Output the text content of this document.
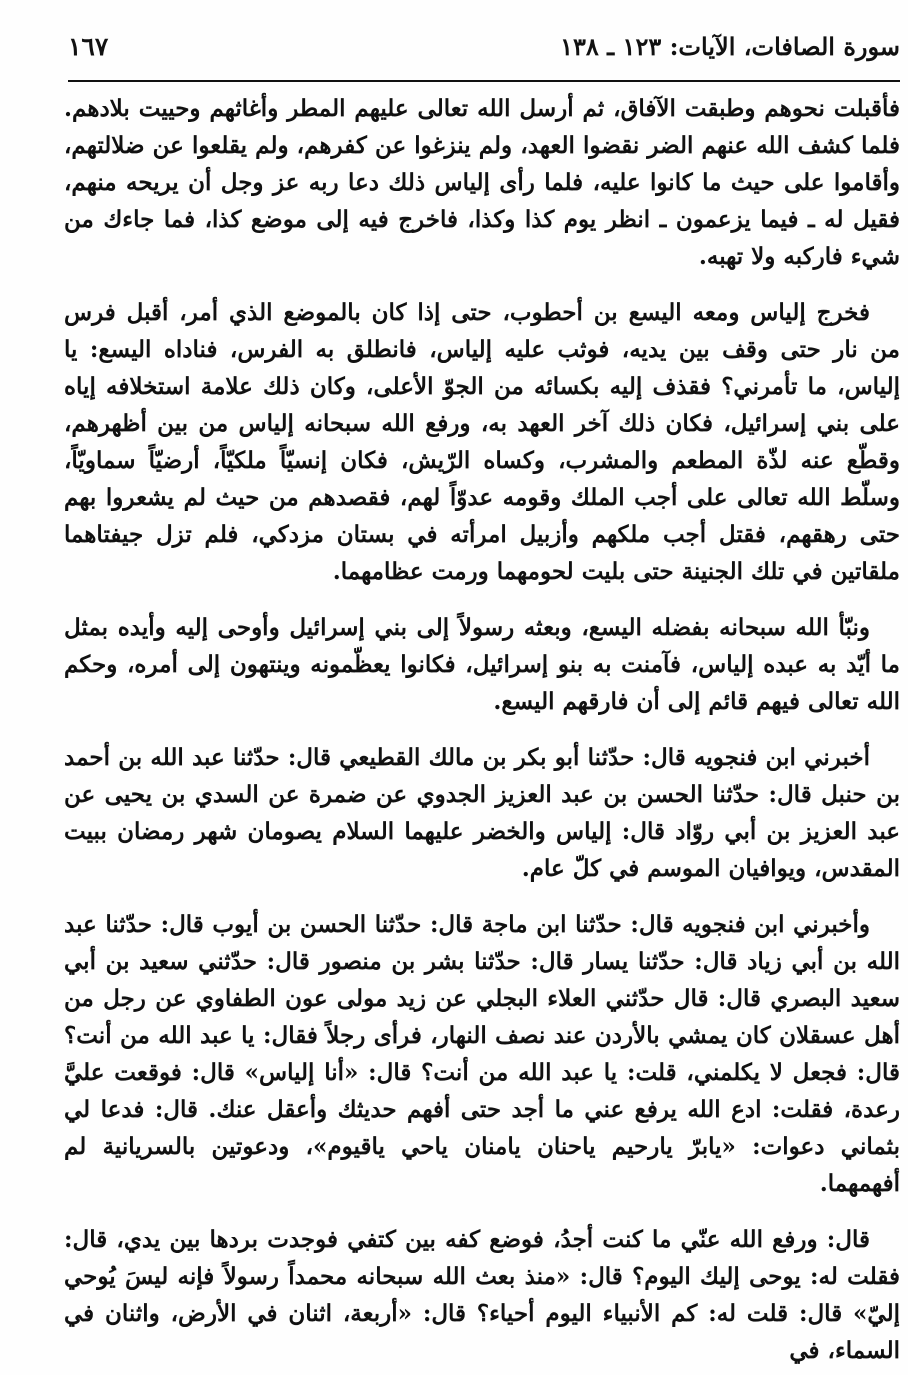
سورة الصافات، الآيات: ١٢٣ ـ ١٣٨
١٦٧

فأقبلت نحوهم وطبقت الآفاق، ثم أرسل الله تعالى عليهم المطر وأغاثهم وحييت بلادهم. فلما كشف الله عنهم الضر نقضوا العهد، ولم ينزغوا عن كفرهم، ولم يقلعوا عن ضلالتهم، وأقاموا على حيث ما كانوا عليه، فلما رأى إلياس ذلك دعا ربه عز وجل أن يريحه منهم، فقيل له ـ فيما يزعمون ـ انظر يوم كذا وكذا، فاخرج فيه إلى موضع كذا، فما جاءك من شيء فاركبه ولا تهبه.

فخرج إلياس ومعه اليسع بن أحطوب، حتى إذا كان بالموضع الذي أمر، أقبل فرس من نار حتى وقف بين يديه، فوثب عليه إلياس، فانطلق به الفرس، فناداه اليسع: يا إلياس، ما تأمرني؟ فقذف إليه بكسائه من الجوّ الأعلى، وكان ذلك علامة استخلافه إياه على بني إسرائيل، فكان ذلك آخر العهد به، ورفع الله سبحانه إلياس من بين أظهرهم، وقطّع عنه لذّة المطعم والمشرب، وكساه الرّيش، فكان إنسيّاً ملكيّاً، أرضيّاً سماويّاً، وسلّط الله تعالى على أجب الملك وقومه عدوّاً لهم، فقصدهم من حيث لم يشعروا بهم حتى رهقهم، فقتل أجب ملكهم وأزبيل امرأته في بستان مزدكي، فلم تزل جيفتاهما ملقاتين في تلك الجنينة حتى بليت لحومهما ورمت عظامهما.

ونبّأ الله سبحانه بفضله اليسع، وبعثه رسولاً إلى بني إسرائيل وأوحى إليه وأيده بمثل ما أيّد به عبده إلياس، فآمنت به بنو إسرائيل، فكانوا يعظّمونه وينتهون إلى أمره، وحكم الله تعالى فيهم قائم إلى أن فارقهم اليسع.

أخبرني ابن فنجويه قال: حدّثنا أبو بكر بن مالك القطيعي قال: حدّثنا عبد الله بن أحمد بن حنبل قال: حدّثنا الحسن بن عبد العزيز الجدوي عن ضمرة عن السدي بن يحيى عن عبد العزيز بن أبي روّاد قال: إلياس والخضر عليهما السلام يصومان شهر رمضان ببيت المقدس، ويوافيان الموسم في كلّ عام.

وأخبرني ابن فنجويه قال: حدّثنا ابن ماجة قال: حدّثنا الحسن بن أيوب قال: حدّثنا عبد الله بن أبي زياد قال: حدّثنا يسار قال: حدّثنا بشر بن منصور قال: حدّثني سعيد بن أبي سعيد البصري قال: قال حدّثني العلاء البجلي عن زيد مولى عون الطفاوي عن رجل من أهل عسقلان كان يمشي بالأردن عند نصف النهار، فرأى رجلاً فقال: يا عبد الله من أنت؟ قال: فجعل لا يكلمني، قلت: يا عبد الله من أنت؟ قال: «أنا إلياس» قال: فوقعت عليَّ رعدة، فقلت: ادع الله يرفع عني ما أجد حتى أفهم حديثك وأعقل عنك. قال: فدعا لي بثماني دعوات: «يابرّ يارحيم ياحنان يامنان ياحي ياقيوم»، ودعوتين بالسريانية لم أفهمهما.

قال: ورفع الله عنّي ما كنت أجدُ، فوضع كفه بين كتفي فوجدت بردها بين يدي، قال: فقلت له: يوحى إليك اليوم؟ قال: «منذ بعث الله سبحانه محمداً رسولاً فإنه ليسَ يُوحي إليّ» قال: قلت له: كم الأنبياء اليوم أحياء؟ قال: «أربعة، اثنان في الأرض، واثنان في السماء، في
